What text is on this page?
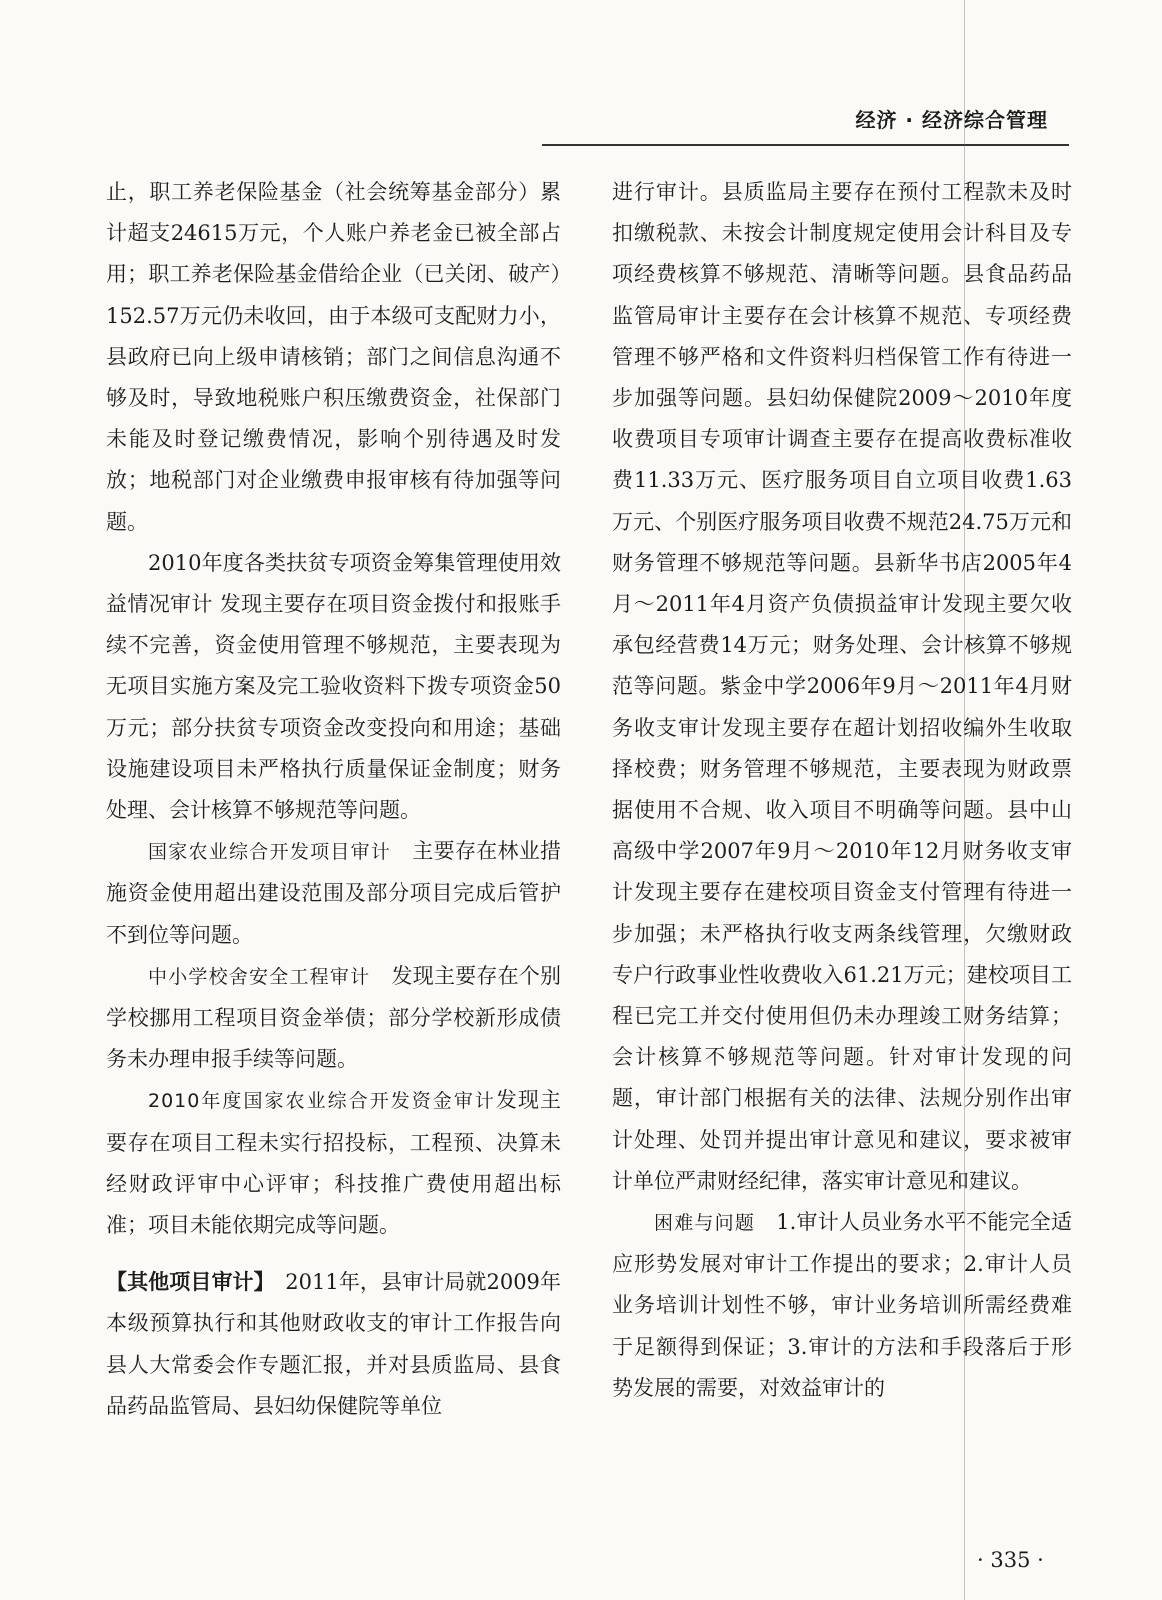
经济 · 经济综合管理

止，职工养老保险基金（社会统筹基金部分）累计超支24615万元，个人账户养老金已被全部占用；职工养老保险基金借给企业（已关闭、破产）152.57万元仍未收回，由于本级可支配财力小，县政府已向上级申请核销；部门之间信息沟通不够及时，导致地税账户积压缴费资金，社保部门未能及时登记缴费情况，影响个别待遇及时发放；地税部门对企业缴费申报审核有待加强等问题。

2010年度各类扶贫专项资金筹集管理使用效益情况审计 发现主要存在项目资金拨付和报账手续不完善，资金使用管理不够规范，主要表现为无项目实施方案及完工验收资料下拨专项资金50万元；部分扶贫专项资金改变投向和用途；基础设施建设项目未严格执行质量保证金制度；财务处理、会计核算不够规范等问题。

国家农业综合开发项目审计　主要存在林业措施资金使用超出建设范围及部分项目完成后管护不到位等问题。

中小学校舍安全工程审计　发现主要存在个别学校挪用工程项目资金举债；部分学校新形成债务未办理申报手续等问题。

2010年度国家农业综合开发资金审计发现主要存在项目工程未实行招投标，工程预、决算未经财政评审中心评审；科技推广费使用超出标准；项目未能依期完成等问题。

【其他项目审计】　2011年，县审计局就2009年本级预算执行和其他财政收支的审计工作报告向县人大常委会作专题汇报，并对县质监局、县食品药品监管局、县妇幼保健院等单位

进行审计。县质监局主要存在预付工程款未及时扣缴税款、未按会计制度规定使用会计科目及专项经费核算不够规范、清晰等问题。县食品药品监管局审计主要存在会计核算不规范、专项经费管理不够严格和文件资料归档保管工作有待进一步加强等问题。县妇幼保健院2009～2010年度收费项目专项审计调查主要存在提高收费标准收费11.33万元、医疗服务项目自立项目收费1.63万元、个别医疗服务项目收费不规范24.75万元和财务管理不够规范等问题。县新华书店2005年4月～2011年4月资产负债损益审计发现主要欠收承包经营费14万元；财务处理、会计核算不够规范等问题。紫金中学2006年9月～2011年4月财务收支审计发现主要存在超计划招收编外生收取择校费；财务管理不够规范，主要表现为财政票据使用不合规、收入项目不明确等问题。县中山高级中学2007年9月～2010年12月财务收支审计发现主要存在建校项目资金支付管理有待进一步加强；未严格执行收支两条线管理，欠缴财政专户行政事业性收费收入61.21万元；建校项目工程已完工并交付使用但仍未办理竣工财务结算；会计核算不够规范等问题。针对审计发现的问题，审计部门根据有关的法律、法规分别作出审计处理、处罚并提出审计意见和建议，要求被审计单位严肃财经纪律，落实审计意见和建议。

困难与问题　1.审计人员业务水平不能完全适应形势发展对审计工作提出的要求；2.审计人员业务培训计划性不够，审计业务培训所需经费难于足额得到保证；3.审计的方法和手段落后于形势发展的需要，对效益审计的

· 335 ·
